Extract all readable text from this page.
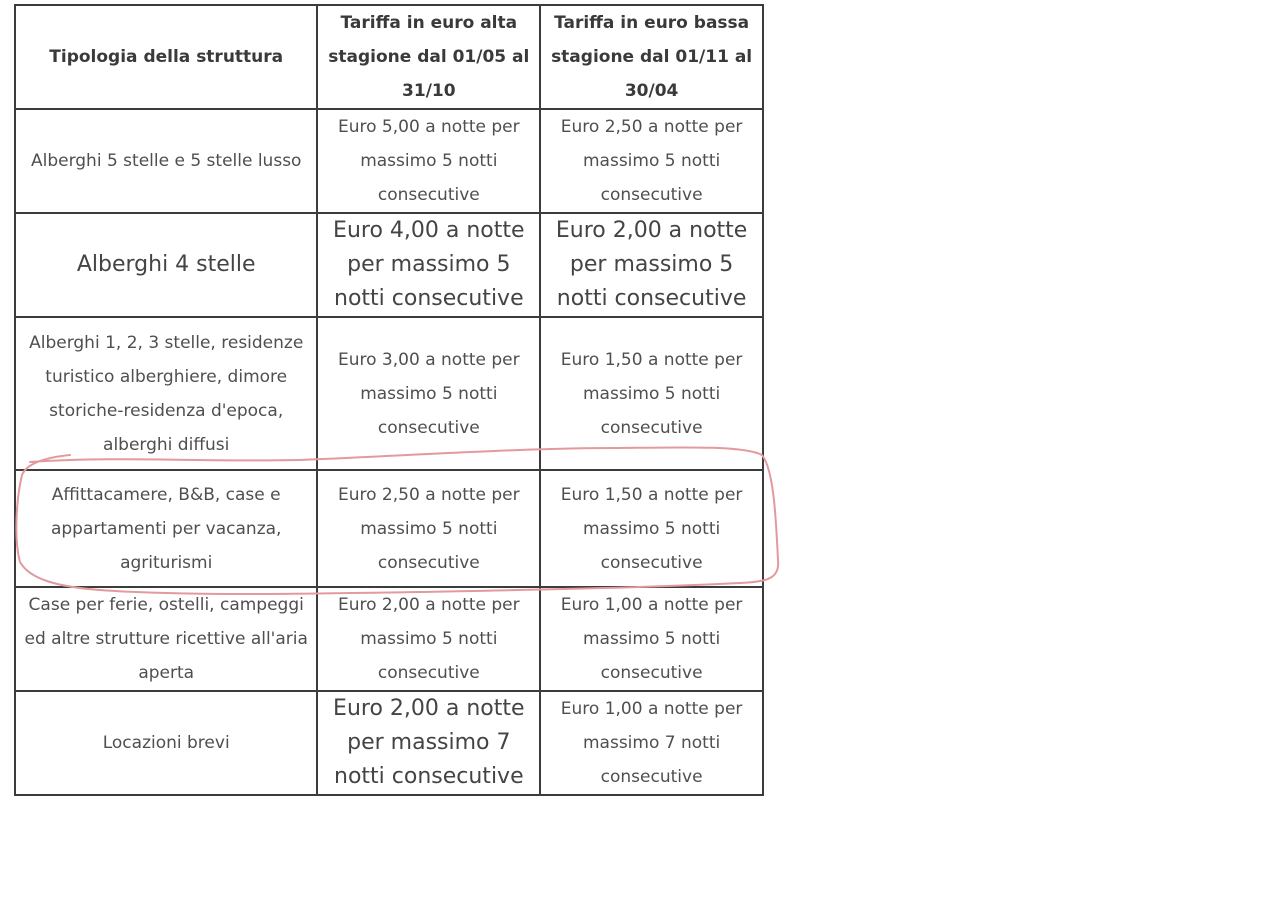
Tipologia della struttura	Tariffa in euro alta stagione dal 01/05 al 31/10	Tariffa in euro bassa stagione dal 01/11 al 30/04
Alberghi 5 stelle e 5 stelle lusso	Euro 5,00 a notte per massimo 5 notti consecutive	Euro 2,50 a notte per massimo 5 notti consecutive
Alberghi 4 stelle	Euro 4,00 a notte per massimo 5 notti consecutive	Euro 2,00 a notte per massimo 5 notti consecutive
Alberghi 1, 2, 3 stelle, residenze turistico alberghiere, dimore storiche-residenza d'epoca, alberghi diffusi	Euro 3,00 a notte per massimo 5 notti consecutive	Euro 1,50 a notte per massimo 5 notti consecutive
Affittacamere, B&B, case e appartamenti per vacanza, agriturismi	Euro 2,50 a notte per massimo 5 notti consecutive	Euro 1,50 a notte per massimo 5 notti consecutive
Case per ferie, ostelli, campeggi ed altre strutture ricettive all'aria aperta	Euro 2,00 a notte per massimo 5 notti consecutive	Euro 1,00 a notte per massimo 5 notti consecutive
Locazioni brevi	Euro 2,00 a notte per massimo 7 notti consecutive	Euro 1,00 a notte per massimo 7 notti consecutive
